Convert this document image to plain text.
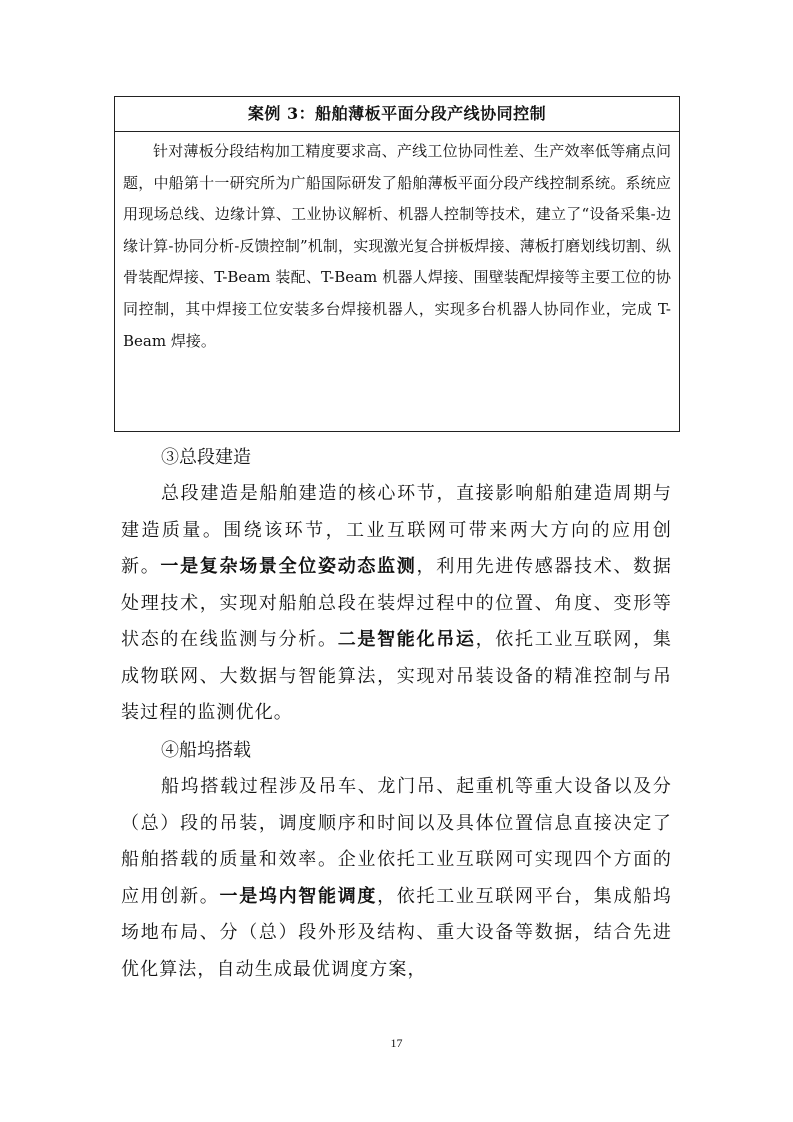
案例 3：船舶薄板平面分段产线协同控制

针对薄板分段结构加工精度要求高、产线工位协同性差、生产效率低等痛点问题，中船第十一研究所为广船国际研发了船舶薄板平面分段产线控制系统。系统应用现场总线、边缘计算、工业协议解析、机器人控制等技术，建立了“设备采集-边缘计算-协同分析-反馈控制”机制，实现激光复合拼板焊接、薄板打磨划线切割、纵骨装配焊接、T-Beam 装配、T-Beam 机器人焊接、围壁装配焊接等主要工位的协同控制，其中焊接工位安装多台焊接机器人，实现多台机器人协同作业，完成 T-Beam 焊接。

③总段建造

总段建造是船舶建造的核心环节，直接影响船舶建造周期与建造质量。围绕该环节，工业互联网可带来两大方向的应用创新。一是复杂场景全位姿动态监测，利用先进传感器技术、数据处理技术，实现对船舶总段在装焊过程中的位置、角度、变形等状态的在线监测与分析。二是智能化吊运，依托工业互联网，集成物联网、大数据与智能算法，实现对吊装设备的精准控制与吊装过程的监测优化。

④船坞搭载

船坞搭载过程涉及吊车、龙门吊、起重机等重大设备以及分（总）段的吊装，调度顺序和时间以及具体位置信息直接决定了船舶搭载的质量和效率。企业依托工业互联网可实现四个方面的应用创新。一是坞内智能调度，依托工业互联网平台，集成船坞场地布局、分（总）段外形及结构、重大设备等数据，结合先进优化算法，自动生成最优调度方案，

17
